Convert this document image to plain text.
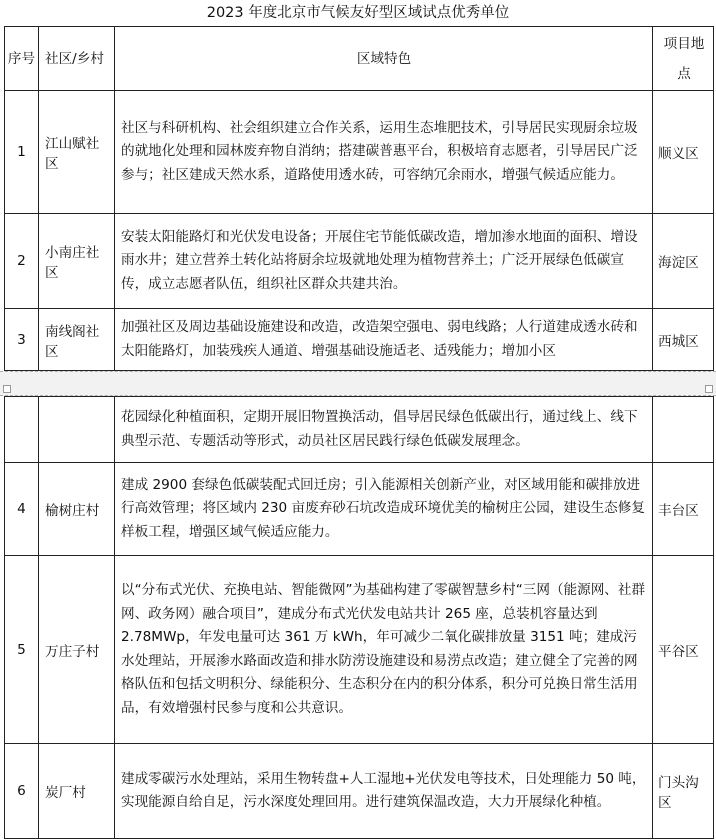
2023 年度北京市气候友好型区域试点优秀单位
序号	社区/乡村	区域特色	项目地点
1	江山赋社区	社区与科研机构、社会组织建立合作关系，运用生态堆肥技术，引导居民实现厨余垃圾的就地化处理和园林废弃物自消纳；搭建碳普惠平台，积极培育志愿者，引导居民广泛参与；社区建成天然水系，道路使用透水砖，可容纳冗余雨水，增强气候适应能力。	顺义区
2	小南庄社区	安装太阳能路灯和光伏发电设备；开展住宅节能低碳改造，增加渗水地面的面积、增设雨水井；建立营养土转化站将厨余垃圾就地处理为植物营养土；广泛开展绿色低碳宣传，成立志愿者队伍，组织社区群众共建共治。	海淀区
3	南线阁社区	加强社区及周边基础设施建设和改造，改造架空强电、弱电线路；人行道建成透水砖和太阳能路灯，加装残疾人通道、增强基础设施适老、适残能力；增加小区	西城区
		花园绿化种植面积，定期开展旧物置换活动，倡导居民绿色低碳出行，通过线上、线下典型示范、专题活动等形式，动员社区居民践行绿色低碳发展理念。	
4	榆树庄村	建成 2900 套绿色低碳装配式回迁房；引入能源相关创新产业，对区域用能和碳排放进行高效管理；将区域内 230 亩废弃砂石坑改造成环境优美的榆树庄公园，建设生态修复样板工程，增强区域气候适应能力。	丰台区
5	万庄子村	以“分布式光伏、充换电站、智能微网”为基础构建了零碳智慧乡村“三网（能源网、社群网、政务网）融合项目”，建成分布式光伏发电站共计 265 座，总装机容量达到 2.78MWp，年发电量可达 361 万 kWh，年可减少二氧化碳排放量 3151 吨；建成污水处理站，开展渗水路面改造和排水防涝设施建设和易涝点改造；建立健全了完善的网格队伍和包括文明积分、绿能积分、生态积分在内的积分体系，积分可兑换日常生活用品，有效增强村民参与度和公共意识。	平谷区
6	炭厂村	建成零碳污水处理站，采用生物转盘+人工湿地+光伏发电等技术，日处理能力 50 吨，实现能源自给自足，污水深度处理回用。进行建筑保温改造，大力开展绿化种植。	门头沟区
